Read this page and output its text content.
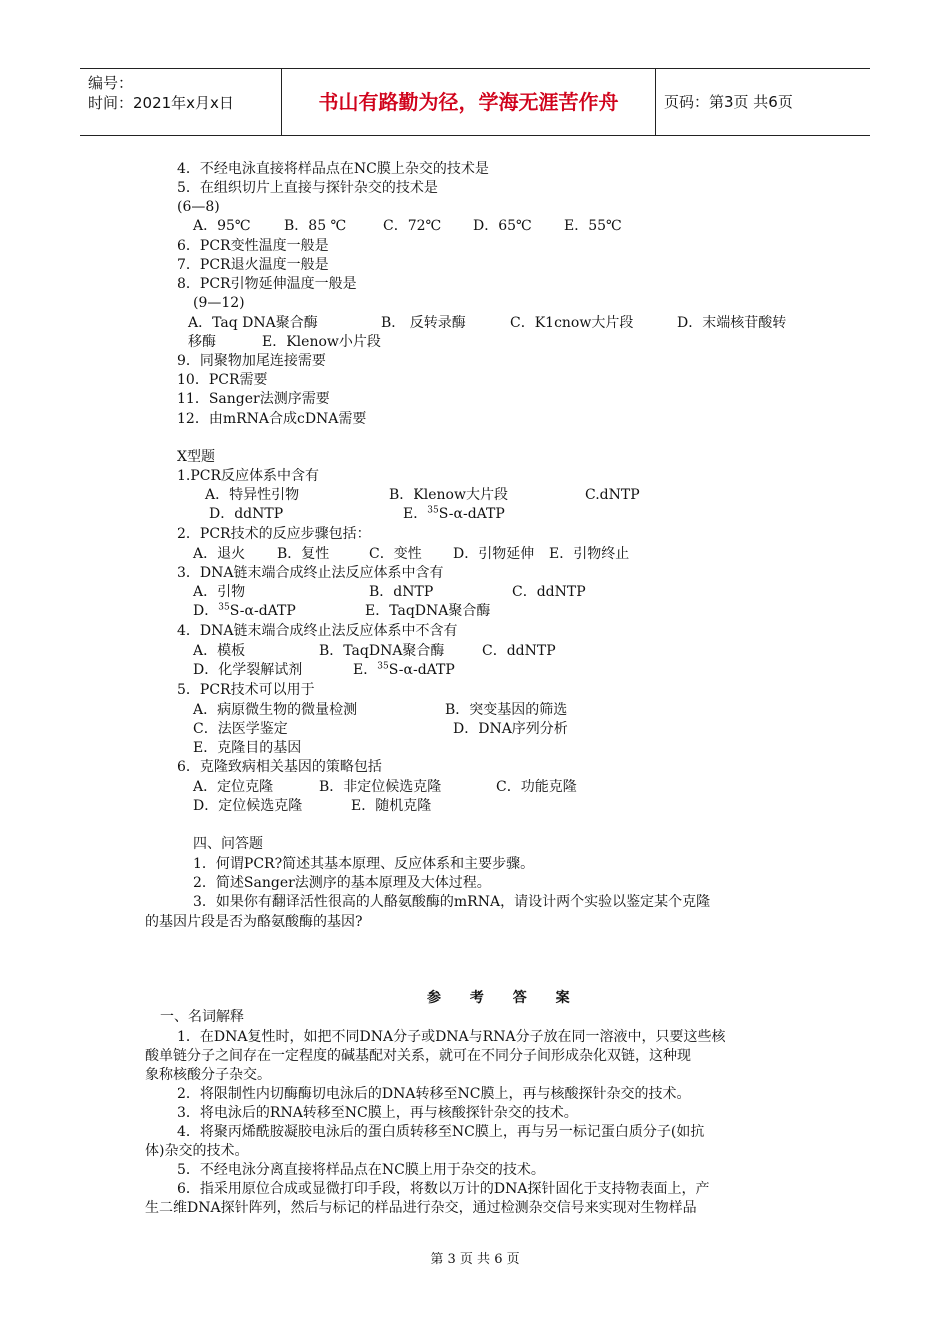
编号：
时间：2021年x月x日	书山有路勤为径，学海无涯苦作舟	页码：第3页 共6页
4．不经电泳直接将样品点在NC膜上杂交的技术是
5．在组织切片上直接与探针杂交的技术是
(6—8)
A．95℃ B．85 ℃	C．72℃ D．65℃ E．55℃
6．PCR变性温度一般是
7．PCR退火温度一般是
8．PCR引物延伸温度一般是
(9—12)
A．Taq DNA聚合酶	B． 反转录酶	C．K1cnow大片段	D．末端核苷酸转
移酶	E．Klenow小片段
9．同聚物加尾连接需要
10．PCR需要
11．Sanger法测序需要
12．由mRNA合成cDNA需要
X型题
1.PCR反应体系中含有
A．特异性引物	B．Klenow大片段	C.dNTP
D．ddNTP	E．$^{35}$S-α-dATP
2．PCR技术的反应步骤包括：
A．退火 B．复性	C．变性 D．引物延伸 E．引物终止
3．DNA链末端合成终止法反应体系中含有
A．引物	B．dNTP	C．ddNTP
D．$^{35}$S-α-dATP	E．TaqDNA聚合酶
4．DNA链末端合成终止法反应体系中不含有
A．模板	B．TaqDNA聚合酶	C．ddNTP
D．化学裂解试剂	E．$^{35}$S-α-dATP
5．PCR技术可以用于
A．病原微生物的微量检测	B．突变基因的筛选
C．法医学鉴定	D．DNA序列分析
E．克隆目的基因
6．克隆致病相关基因的策略包括
A．定位克隆	B．非定位候选克隆	C．功能克隆
D．定位候选克隆	E．随机克隆
四、问答题
1．何谓PCR?简述其基本原理、反应体系和主要步骤。
2．简述Sanger法测序的基本原理及大体过程。
3．如果你有翻译活性很高的人酪氨酸酶的mRNA，请设计两个实验以鉴定某个克隆
的基因片段是否为酪氨酸酶的基因?
参 考 答 案
一、名词解释
1．在DNA复性时，如把不同DNA分子或DNA与RNA分子放在同一溶液中，只要这些核
酸单链分子之间存在一定程度的碱基配对关系，就可在不同分子间形成杂化双链，这种现
象称核酸分子杂交。
2．将限制性内切酶酶切电泳后的DNA转移至NC膜上，再与核酸探针杂交的技术。
3．将电泳后的RNA转移至NC膜上，再与核酸探针杂交的技术。
4．将聚丙烯酰胺凝胶电泳后的蛋白质转移至NC膜上，再与另一标记蛋白质分子(如抗
体)杂交的技术。
5．不经电泳分离直接将样品点在NC膜上用于杂交的技术。
6．指采用原位合成或显微打印手段，将数以万计的DNA探针固化于支持物表面上，产
生二维DNA探针阵列，然后与标记的样品进行杂交，通过检测杂交信号来实现对生物样品
第 3 页 共 6 页
